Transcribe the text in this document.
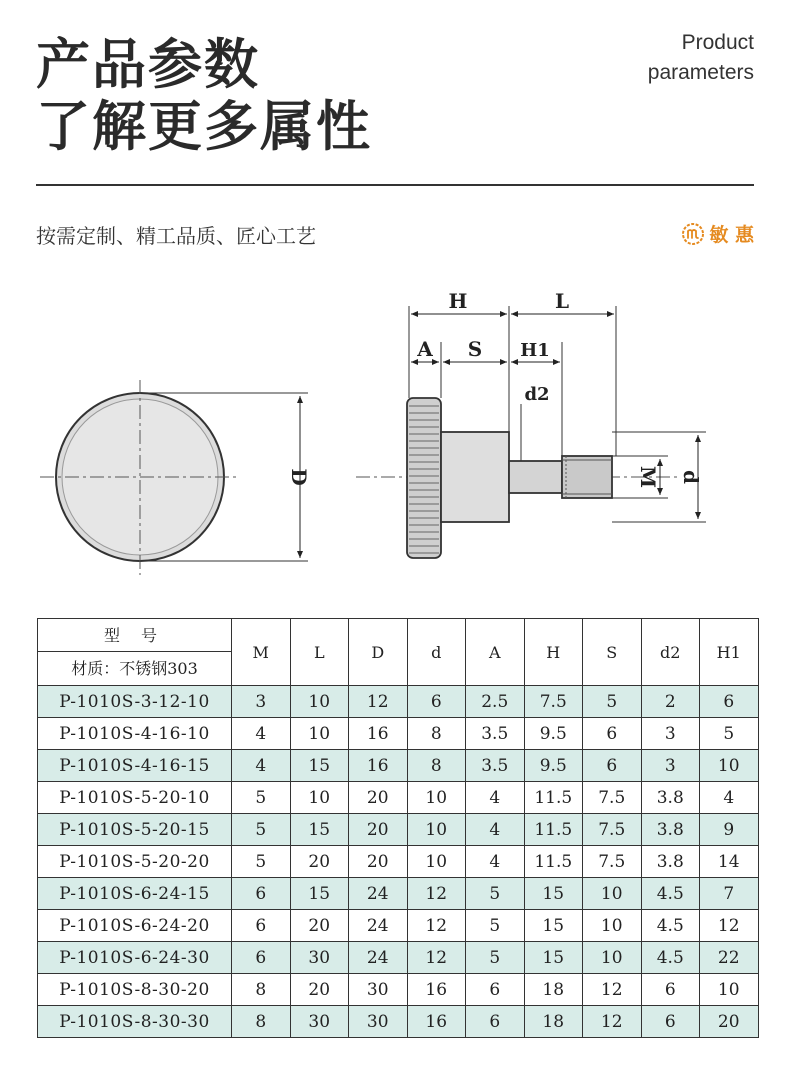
产品参数
了解更多属性
Product
parameters
按需定制、精工品质、匠心工艺	敏 惠
D
H	L
A S H1
d2
M d
型 号
材质：不锈钢303	M	L	D	d	A	H	S	d2	H1
P-1010S-3-12-10	3	10	12	6	2.5	7.5	5	2	6
P-1010S-4-16-10	4	10	16	8	3.5	9.5	6	3	5
P-1010S-4-16-15	4	15	16	8	3.5	9.5	6	3	10
P-1010S-5-20-10	5	10	20	10	4	11.5	7.5	3.8	4
P-1010S-5-20-15	5	15	20	10	4	11.5	7.5	3.8	9
P-1010S-5-20-20	5	20	20	10	4	11.5	7.5	3.8	14
P-1010S-6-24-15	6	15	24	12	5	15	10	4.5	7
P-1010S-6-24-20	6	20	24	12	5	15	10	4.5	12
P-1010S-6-24-30	6	30	24	12	5	15	10	4.5	22
P-1010S-8-30-20	8	20	30	16	6	18	12	6	10
P-1010S-8-30-30	8	30	30	16	6	18	12	6	20
